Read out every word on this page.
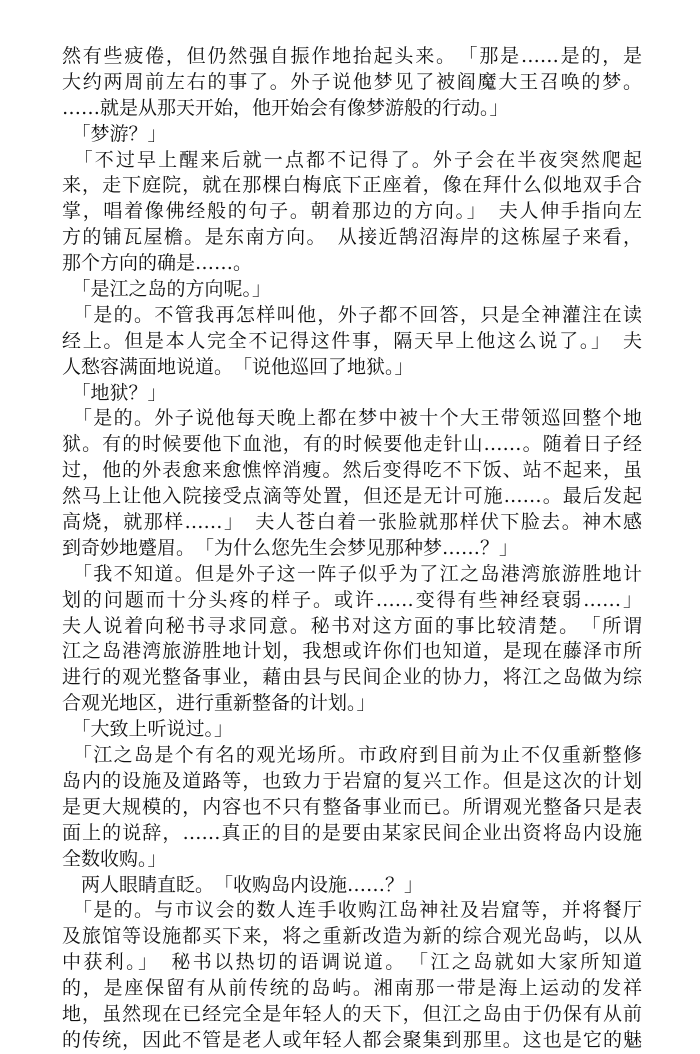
然有些疲倦，但仍然强自振作地抬起头来。　「那是……是的，是
大约两周前左右的事了。外子说他梦见了被阎魔大王召唤的梦。
……就是从那天开始，他开始会有像梦游般的行动。」
　「梦游？」
　「不过早上醒来后就一点都不记得了。外子会在半夜突然爬起
来，走下庭院，就在那棵白梅底下正座着，像在拜什么似地双手合
掌，唱着像佛经般的句子。朝着那边的方向。」　夫人伸手指向左
方的铺瓦屋檐。是东南方向。　从接近鹄沼海岸的这栋屋子来看，
那个方向的确是……。
　「是江之岛的方向呢。」
　「是的。不管我再怎样叫他，外子都不回答，只是全神灌注在读
经上。但是本人完全不记得这件事，隔天早上他这么说了。」　夫
人愁容满面地说道。　「说他巡回了地狱。」
　「地狱？」
　「是的。外子说他每天晚上都在梦中被十个大王带领巡回整个地
狱。有的时候要他下血池，有的时候要他走针山……。随着日子经
过，他的外表愈来愈憔悴消瘦。然后变得吃不下饭、站不起来，虽
然马上让他入院接受点滴等处置，但还是无计可施……。最后发起
高烧，就那样……」　夫人苍白着一张脸就那样伏下脸去。神木感
到奇妙地蹙眉。　「为什么您先生会梦见那种梦……？」
　「我不知道。但是外子这一阵子似乎为了江之岛港湾旅游胜地计
划的问题而十分头疼的样子。或许……变得有些神经衰弱……」
夫人说着向秘书寻求同意。秘书对这方面的事比较清楚。　「所谓
江之岛港湾旅游胜地计划，我想或许你们也知道，是现在藤泽市所
进行的观光整备事业，藉由县与民间企业的协力，将江之岛做为综
合观光地区，进行重新整备的计划。」
　「大致上听说过。」
　「江之岛是个有名的观光场所。市政府到目前为止不仅重新整修
岛内的设施及道路等，也致力于岩窟的复兴工作。但是这次的计划
是更大规模的，内容也不只有整备事业而已。所谓观光整备只是表
面上的说辞，……真正的目的是要由某家民间企业出资将岛内设施
全数收购。」
　两人眼睛直眨。　「收购岛内设施……？」
　「是的。与市议会的数人连手收购江岛神社及岩窟等，并将餐厅
及旅馆等设施都买下来，将之重新改造为新的综合观光岛屿，以从
中获利。」　秘书以热切的语调说道。　「江之岛就如大家所知道
的，是座保留有从前传统的岛屿。湘南那一带是海上运动的发祥
地，虽然现在已经完全是年轻人的天下，但江之岛由于仍保有从前
的传统，因此不管是老人或年轻人都会聚集到那里。这也是它的魅
